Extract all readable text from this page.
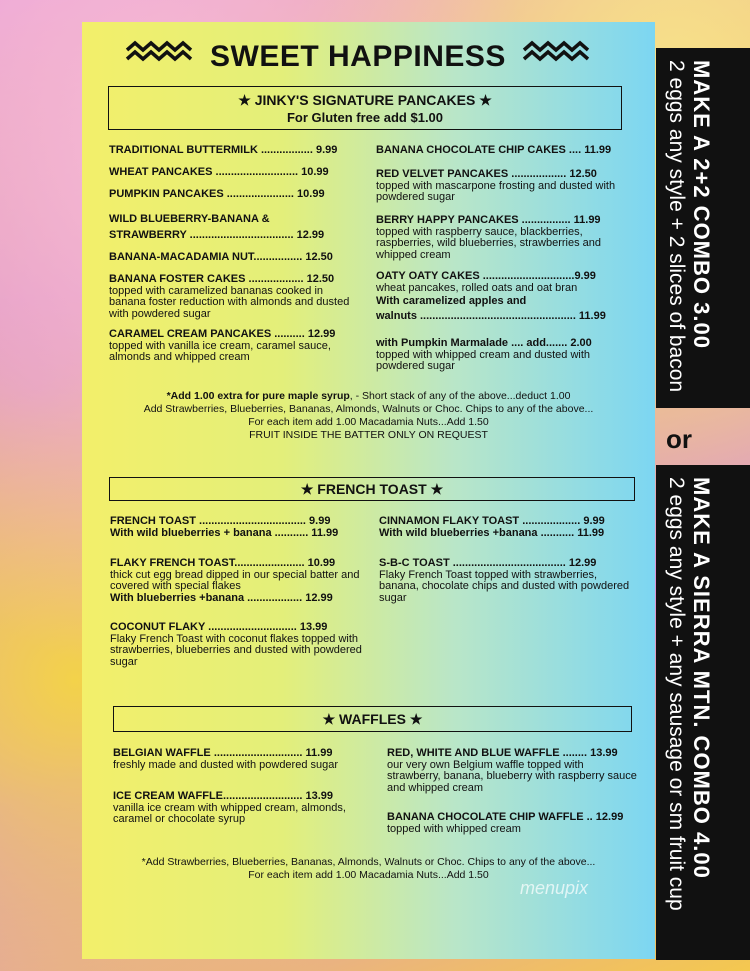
SWEET HAPPINESS
★ JINKY'S SIGNATURE PANCAKES ★
For Gluten free add $1.00
TRADITIONAL BUTTERMILK ................. 9.99
WHEAT PANCAKES ........................... 10.99
PUMPKIN PANCAKES ...................... 10.99
WILD BLUEBERRY-BANANA &
STRAWBERRY .................................. 12.99
BANANA-MACADAMIA NUT................ 12.50
BANANA FOSTER CAKES .................. 12.50
topped with caramelized bananas cooked in banana foster reduction with almonds and dusted with powdered sugar
CARAMEL CREAM PANCAKES .......... 12.99
topped with vanilla ice cream, caramel sauce, almonds and whipped cream
BANANA CHOCOLATE CHIP CAKES .... 11.99
RED VELVET PANCAKES .................. 12.50
topped with mascarpone frosting and dusted with powdered sugar
BERRY HAPPY PANCAKES ................ 11.99
topped with raspberry sauce, blackberries, raspberries, wild blueberries, strawberries and whipped cream
OATY OATY CAKES ..............................9.99
wheat pancakes, rolled oats and oat bran
With caramelized apples and
walnuts ................................................... 11.99
with Pumpkin Marmalade .... add....... 2.00
topped with whipped cream and dusted with powdered sugar
*Add 1.00 extra for pure maple syrup, - Short stack of any of the above...deduct 1.00
Add Strawberries, Blueberries, Bananas, Almonds, Walnuts or Choc. Chips to any of the above...
For each item add 1.00 Macadamia Nuts...Add 1.50
FRUIT INSIDE THE BATTER ONLY ON REQUEST
★ FRENCH TOAST ★
FRENCH TOAST ................................... 9.99
With wild blueberries + banana ........... 11.99
FLAKY FRENCH TOAST....................... 10.99
thick cut egg bread dipped in our special batter and covered with special flakes
With blueberries +banana .................. 12.99
COCONUT FLAKY ............................. 13.99
Flaky French Toast with coconut flakes topped with strawberries, blueberries and dusted with powdered sugar
CINNAMON FLAKY TOAST ................... 9.99
With wild blueberries +banana ........... 11.99
S-B-C TOAST ..................................... 12.99
Flaky French Toast topped with strawberries, banana, chocolate chips and dusted with powdered sugar
★ WAFFLES ★
BELGIAN WAFFLE ............................. 11.99
freshly made and dusted with powdered sugar
ICE CREAM WAFFLE.......................... 13.99
vanilla ice cream with whipped cream, almonds, caramel or chocolate syrup
RED, WHITE AND BLUE WAFFLE ........ 13.99
our very own Belgium waffle topped with strawberry, banana, blueberry with raspberry sauce and whipped cream
BANANA CHOCOLATE CHIP WAFFLE .. 12.99
topped with whipped cream
*Add Strawberries, Blueberries, Bananas, Almonds, Walnuts or Choc. Chips to any of the above...
For each item add 1.00 Macadamia Nuts...Add 1.50
MAKE A 2+2 COMBO 3.00
2 eggs any style + 2 slices of bacon
or
MAKE A SIERRA MTN. COMBO 4.00
2 eggs any style + any sausage or sm fruit cup
menupix
